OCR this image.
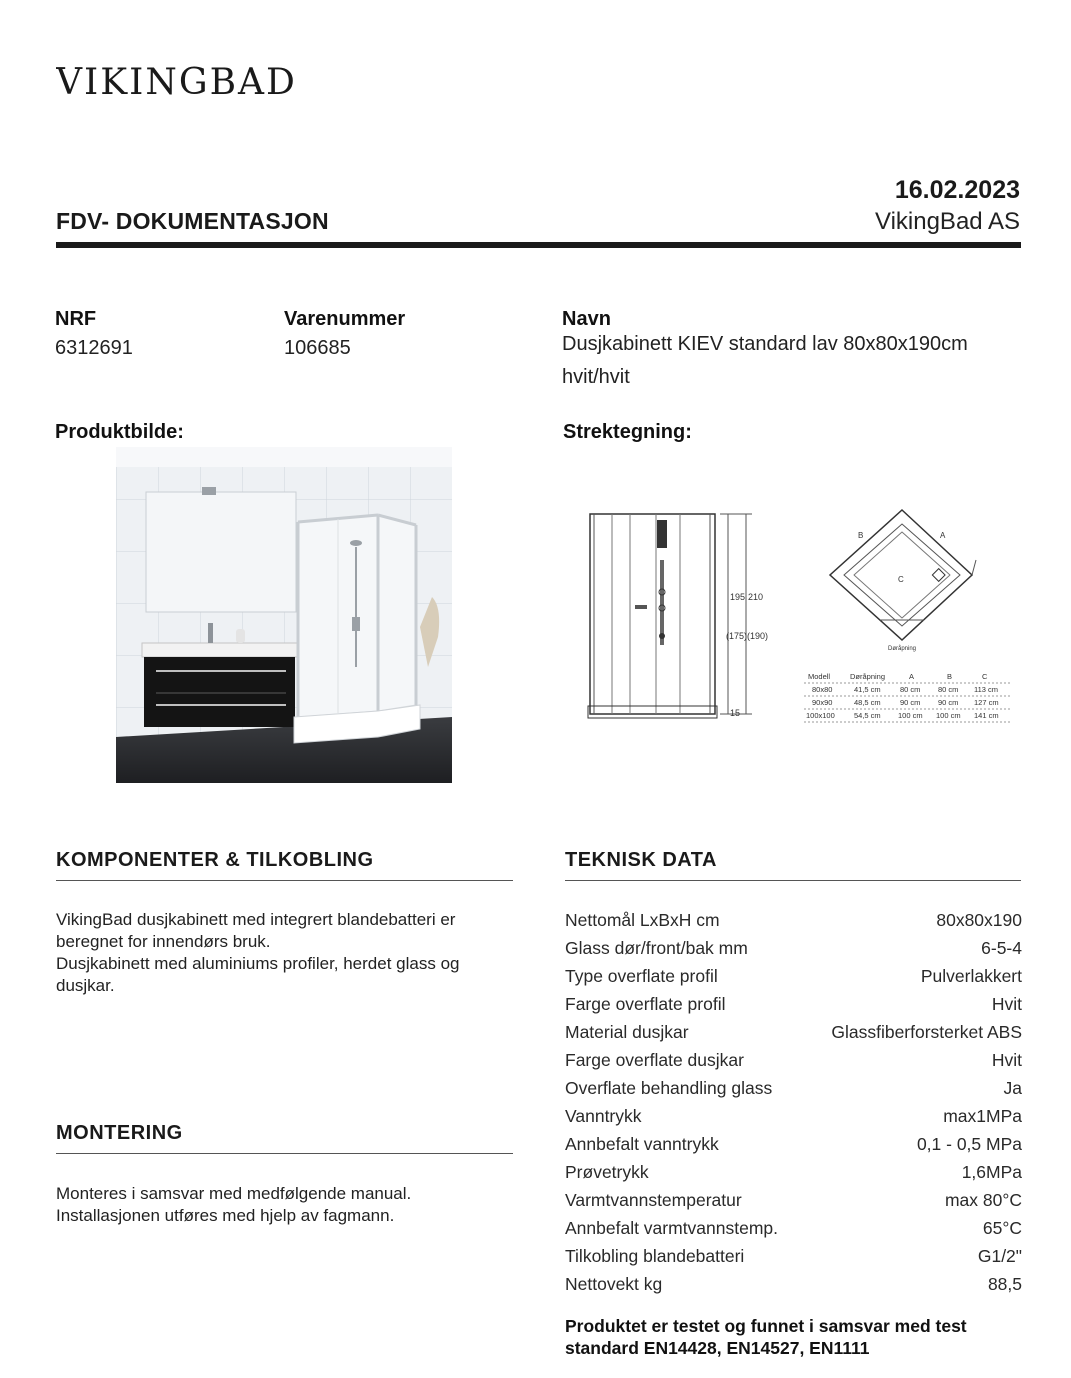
VIKINGBAD
FDV- DOKUMENTASJON
16.02.2023
VikingBad AS
NRF
6312691
Varenummer
106685
Navn
Dusjkabinett KIEV standard lav 80x80x190cm hvit/hvit
Produktbilde:	Strektegning:
195 210
(175) (190)
15
A
B
C
Døråpning
Modell	Døråpning	A	B	C
80x80	41,5 cm	80 cm 80 cm 113 cm
90x90	48,5 cm	90 cm 90 cm 127 cm
100x100	54,5 cm 100 cm 100 cm 141 cm
KOMPONENTER & TILKOBLING
VikingBad dusjkabinett med integrert blandebatteri er beregnet for innendørs bruk.
Dusjkabinett med aluminiums profiler, herdet glass og dusjkar.
MONTERING
Monteres i samsvar med medfølgende manual.
Installasjonen utføres med hjelp av fagmann.
TEKNISK DATA
Nettomål LxBxH cm	80x80x190
Glass dør/front/bak mm	6-5-4
Type overflate profil	Pulverlakkert
Farge overflate profil	Hvit
Material dusjkar	Glassfiberforsterket ABS
Farge overflate dusjkar	Hvit
Overflate behandling glass	Ja
Vanntrykk	max1MPa
Annbefalt vanntrykk	0,1 - 0,5 MPa
Prøvetrykk	1,6MPa
Varmtvannstemperatur	max 80°C
Annbefalt varmtvannstemp.	65°C
Tilkobling blandebatteri	G1/2"
Nettovekt kg	88,5
Produktet er testet og funnet i samsvar med test standard EN14428, EN14527, EN1111
